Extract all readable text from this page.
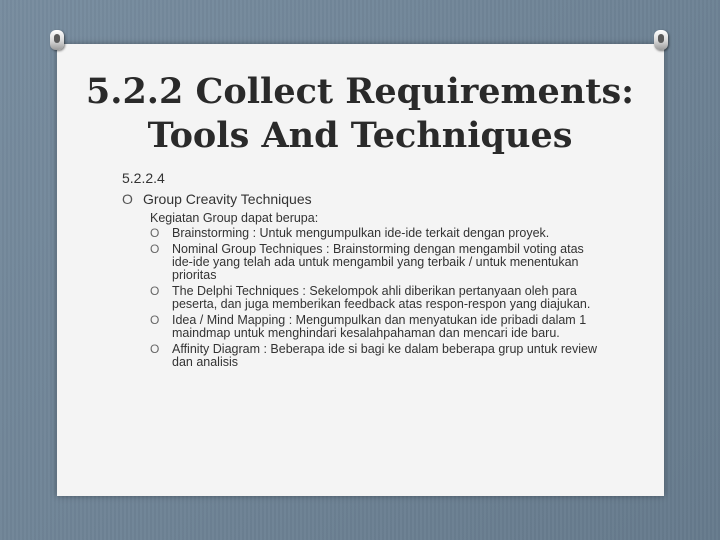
5.2.2 Collect Requirements:
Tools And Techniques

5.2.2.4

O Group Creavity Techniques

Kegiatan Group dapat berupa:

O	Brainstorming : Untuk mengumpulkan ide-ide terkait dengan proyek.
O	Nominal Group Techniques : Brainstorming dengan mengambil voting atas ide-ide yang telah ada untuk mengambil yang terbaik / untuk menentukan prioritas
O	The Delphi Techniques : Sekelompok ahli diberikan pertanyaan oleh para peserta, dan juga memberikan feedback atas respon-respon yang diajukan.
O	Idea / Mind Mapping : Mengumpulkan dan menyatukan ide pribadi dalam 1 maindmap untuk menghindari kesalahpahaman dan mencari ide baru.
O	Affinity Diagram : Beberapa ide si bagi ke dalam beberapa grup untuk review dan analisis
